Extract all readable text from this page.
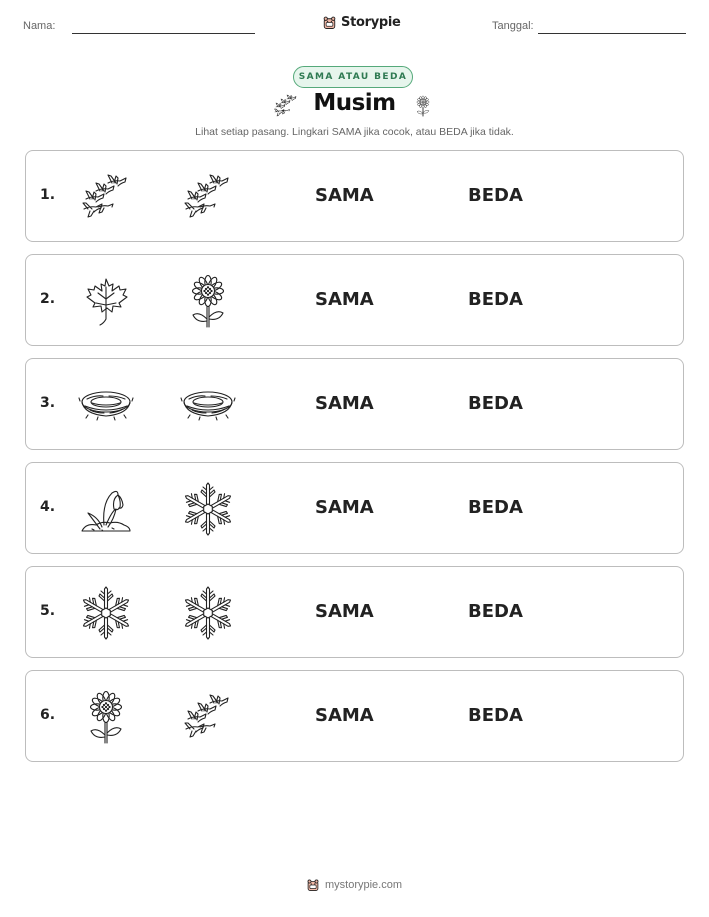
Nama:	Storypie	Tanggal:
SAMA ATAU BEDA
Musim
Lihat setiap pasang. Lingkari SAMA jika cocok, atau BEDA jika tidak.
1.	SAMA	BEDA
2.	SAMA	BEDA
3.	SAMA	BEDA
4.	SAMA	BEDA
5.	SAMA	BEDA
6.	SAMA	BEDA
mystorypie.com
